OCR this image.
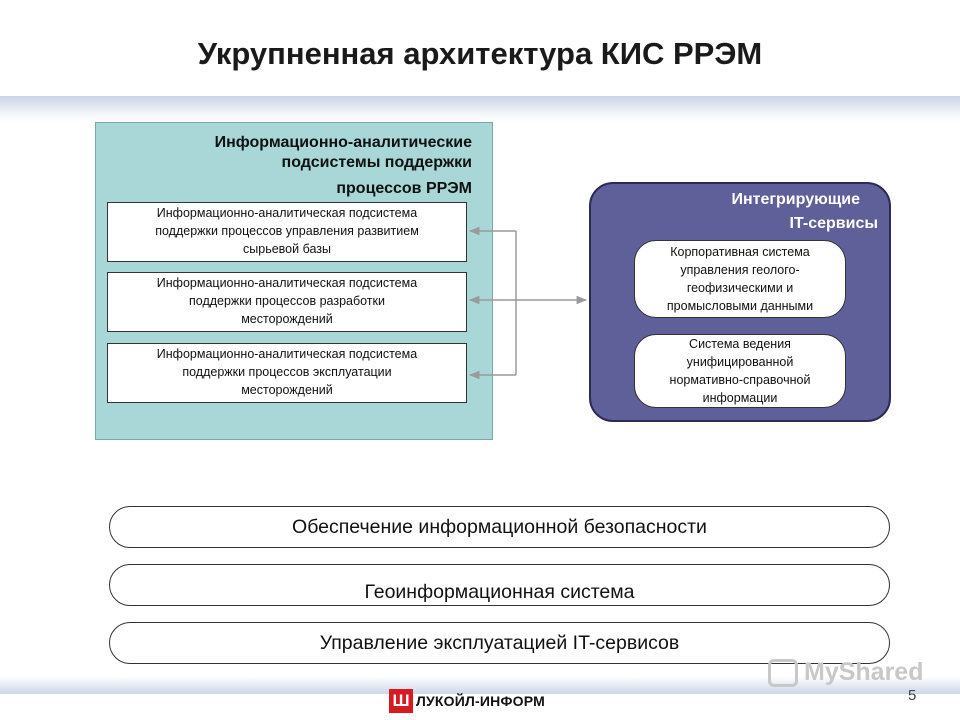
Укрупненная архитектура КИС РРЭМ
Информационно-аналитические
подсистемы поддержки
процессов РРЭМ
Информационно-аналитическая подсистема
поддержки процессов управления развитием
сырьевой базы
Информационно-аналитическая подсистема
поддержки процессов разработки
месторождений
Информационно-аналитическая подсистема
поддержки процессов эксплуатации
месторождений
Интегрирующие
IT-сервисы
Корпоративная система
управления геолого-
геофизическими и
промысловыми данными
Система ведения
унифицированной
нормативно-справочной
информации
Обеспечение информационной безопасности
Геоинформационная система
Управление эксплуатацией IT-сервисов
MyShared
Ш ЛУКОЙЛ-ИНФОРМ	5
